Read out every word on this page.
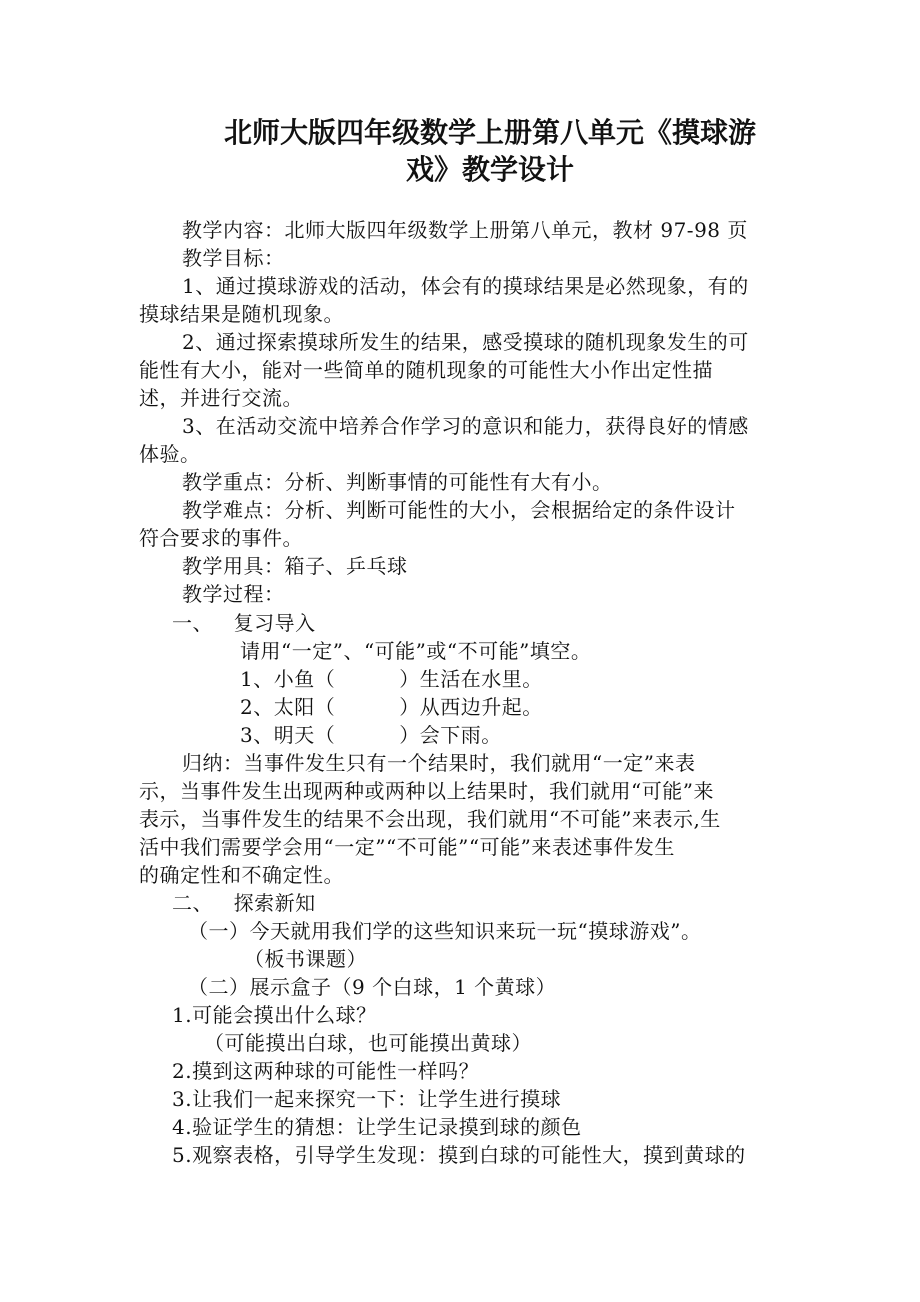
北师大版四年级数学上册第八单元《摸球游
戏》教学设计
教学内容：北师大版四年级数学上册第八单元，教材 97-98 页
教学目标：
1、通过摸球游戏的活动，体会有的摸球结果是必然现象，有的
摸球结果是随机现象。
2、通过探索摸球所发生的结果，感受摸球的随机现象发生的可
能性有大小，能对一些简单的随机现象的可能性大小作出定性描
述，并进行交流。
3、在活动交流中培养合作学习的意识和能力，获得良好的情感
体验。
教学重点：分析、判断事情的可能性有大有小。
教学难点：分析、判断可能性的大小，会根据给定的条件设计
符合要求的事件。
教学用具：箱子、乒乓球
教学过程：
一、   复习导入
请用“一定”、“可能”或“不可能”填空。
1、小鱼（	）生活在水里。
2、太阳（	）从西边升起。
3、明天（	）会下雨。
归纳：当事件发生只有一个结果时，我们就用“一定”来表
示，当事件发生出现两种或两种以上结果时，我们就用“可能”来
表示，当事件发生的结果不会出现，我们就用“不可能”来表示,生
活中我们需要学会用“一定”“不可能”“可能”来表述事件发生
的确定性和不确定性。
二、   探索新知
（一）今天就用我们学的这些知识来玩一玩“摸球游戏”。
（板书课题）
（二）展示盒子（9 个白球，1 个黄球）
1.可能会摸出什么球？
（可能摸出白球，也可能摸出黄球）
2.摸到这两种球的可能性一样吗？
3.让我们一起来探究一下：让学生进行摸球
4.验证学生的猜想：让学生记录摸到球的颜色
5.观察表格，引导学生发现：摸到白球的可能性大，摸到黄球的
